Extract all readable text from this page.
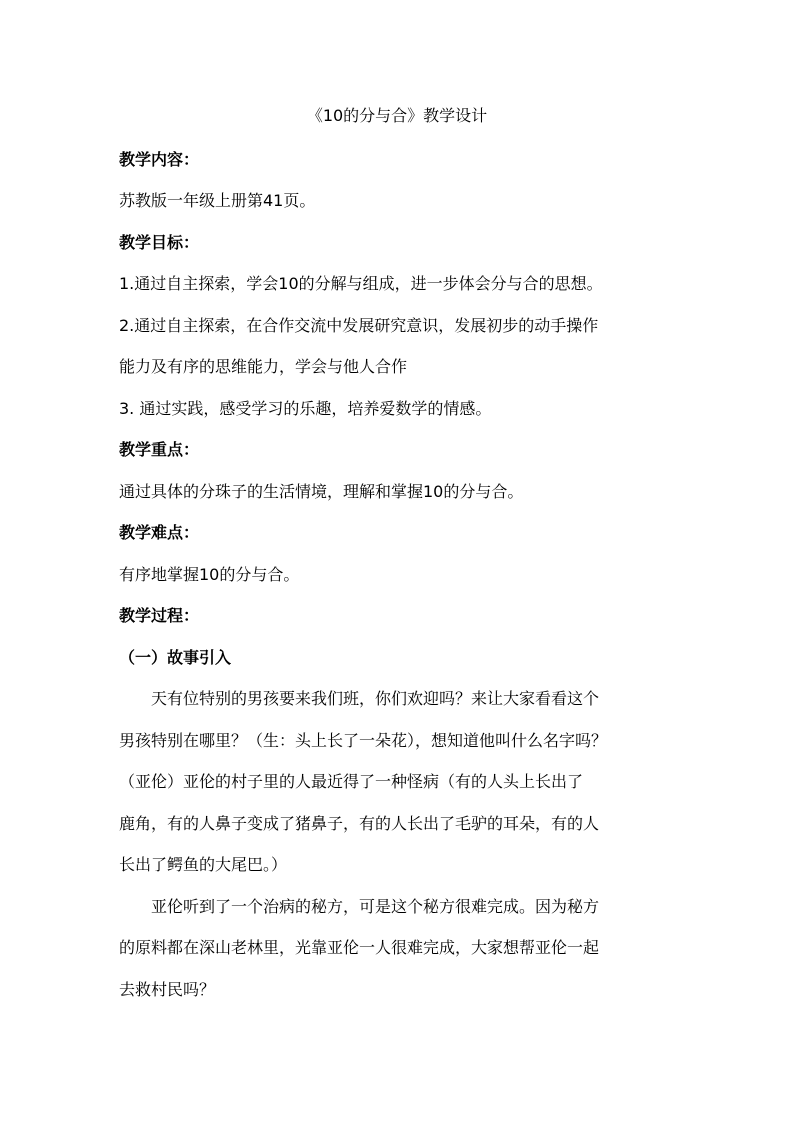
《10的分与合》教学设计

教学内容：

苏教版一年级上册第41页。

教学目标：

1.通过自主探索，学会10的分解与组成，进一步体会分与合的思想。

2.通过自主探索，在合作交流中发展研究意识，发展初步的动手操作

能力及有序的思维能力，学会与他人合作

3. 通过实践，感受学习的乐趣，培养爱数学的情感。

教学重点：

通过具体的分珠子的生活情境，理解和掌握10的分与合。

教学难点：

有序地掌握10的分与合。

教学过程：

（一）故事引入

天有位特别的男孩要来我们班，你们欢迎吗？来让大家看看这个

男孩特别在哪里？（生：头上长了一朵花），想知道他叫什么名字吗？

（亚伦）亚伦的村子里的人最近得了一种怪病（有的人头上长出了

鹿角，有的人鼻子变成了猪鼻子，有的人长出了毛驴的耳朵，有的人

长出了鳄鱼的大尾巴。）

亚伦听到了一个治病的秘方，可是这个秘方很难完成。因为秘方

的原料都在深山老林里，光靠亚伦一人很难完成，大家想帮亚伦一起

去救村民吗？
